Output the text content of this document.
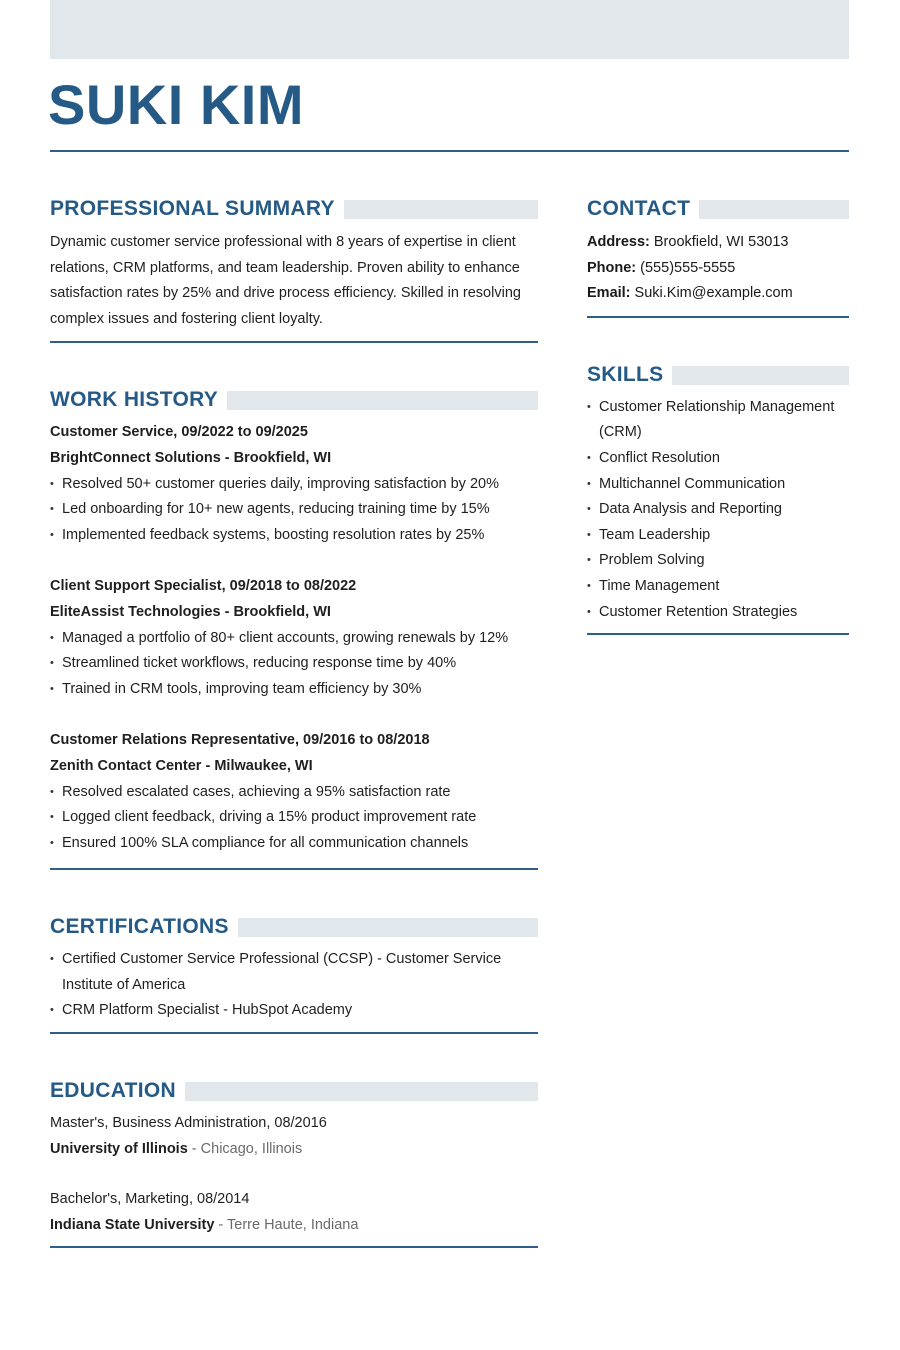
SUKI KIM
PROFESSIONAL SUMMARY
Dynamic customer service professional with 8 years of expertise in client relations, CRM platforms, and team leadership. Proven ability to enhance satisfaction rates by 25% and drive process efficiency. Skilled in resolving complex issues and fostering client loyalty.
WORK HISTORY
Customer Service, 09/2022 to 09/2025
BrightConnect Solutions - Brookfield, WI
• Resolved 50+ customer queries daily, improving satisfaction by 20%
• Led onboarding for 10+ new agents, reducing training time by 15%
• Implemented feedback systems, boosting resolution rates by 25%
Client Support Specialist, 09/2018 to 08/2022
EliteAssist Technologies - Brookfield, WI
• Managed a portfolio of 80+ client accounts, growing renewals by 12%
• Streamlined ticket workflows, reducing response time by 40%
• Trained in CRM tools, improving team efficiency by 30%
Customer Relations Representative, 09/2016 to 08/2018
Zenith Contact Center - Milwaukee, WI
• Resolved escalated cases, achieving a 95% satisfaction rate
• Logged client feedback, driving a 15% product improvement rate
• Ensured 100% SLA compliance for all communication channels
CERTIFICATIONS
• Certified Customer Service Professional (CCSP) - Customer Service Institute of America
• CRM Platform Specialist - HubSpot Academy
EDUCATION
Master's, Business Administration, 08/2016
University of Illinois - Chicago, Illinois
Bachelor's, Marketing, 08/2014
Indiana State University - Terre Haute, Indiana
CONTACT
Address: Brookfield, WI 53013
Phone: (555)555-5555
Email: Suki.Kim@example.com
SKILLS
• Customer Relationship Management (CRM)
• Conflict Resolution
• Multichannel Communication
• Data Analysis and Reporting
• Team Leadership
• Problem Solving
• Time Management
• Customer Retention Strategies
